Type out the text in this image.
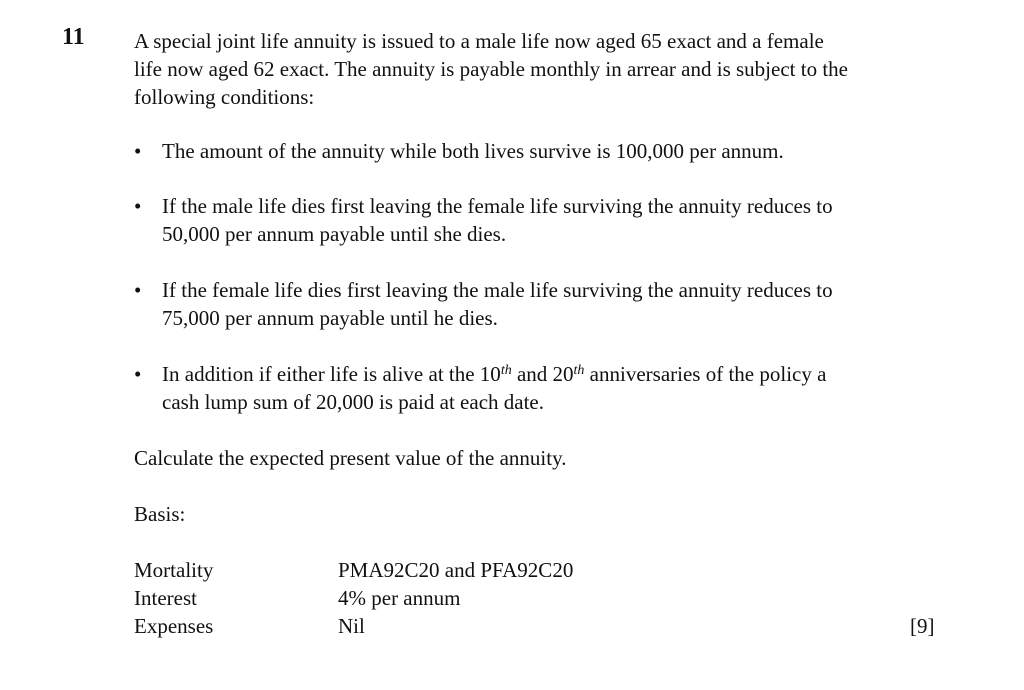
11 A special joint life annuity is issued to a male life now aged 65 exact and a female
life now aged 62 exact. The annuity is payable monthly in arrear and is subject to the
following conditions:
• The amount of the annuity while both lives survive is 100,000 per annum.
• If the male life dies first leaving the female life surviving the annuity reduces to
50,000 per annum payable until she dies.
• If the female life dies first leaving the male life surviving the annuity reduces to
75,000 per annum payable until he dies.
• In addition if either life is alive at the 10th and 20th anniversaries of the policy a
cash lump sum of 20,000 is paid at each date.
Calculate the expected present value of the annuity.
Basis:
Mortality	PMA92C20 and PFA92C20
Interest	4% per annum
Expenses	Nil	[9]
